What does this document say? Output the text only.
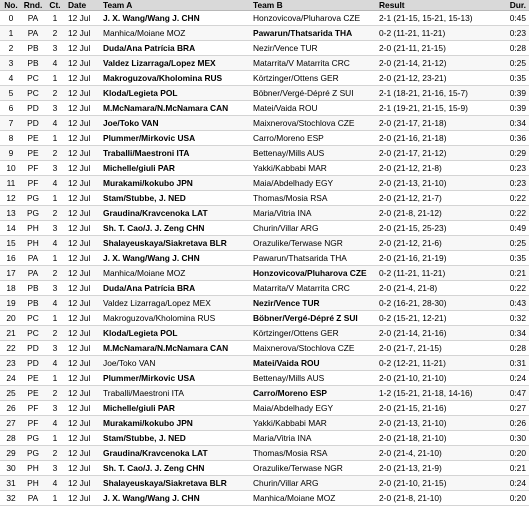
No.	Rnd.	Ct.	Date	Team A	Team B	Result	Dur.
0	PA	1	12 Jul	J. X. Wang/Wang J. CHN	Honzovicova/Pluharova CZE	2-1 (21-15, 15-21, 15-13)	0:45
1	PA	2	12 Jul	Manhica/Moiane MOZ	Pawarun/Thatsarida THA	0-2 (11-21, 11-21)	0:23
2	PB	3	12 Jul	Duda/Ana Patrícia BRA	Nezir/Vence TUR	2-0 (21-11, 21-15)	0:28
3	PB	4	12 Jul	Valdez Lizarraga/Lopez MEX	Matarrita/V Matarrita CRC	2-0 (21-14, 21-12)	0:25
4	PC	1	12 Jul	Makroguzova/Kholomina RUS	Körtzinger/Ottens GER	2-0 (21-12, 23-21)	0:35
5	PC	2	12 Jul	Kloda/Legieta POL	Böbner/Vergé-Dépré Z SUI	2-1 (18-21, 21-16, 15-7)	0:39
6	PD	3	12 Jul	M.McNamara/N.McNamara CAN	Matei/Vaida ROU	2-1 (19-21, 21-15, 15-9)	0:39
7	PD	4	12 Jul	Joe/Toko VAN	Maixnerova/Stochlova CZE	2-0 (21-17, 21-18)	0:34
8	PE	1	12 Jul	Plummer/Mirkovic USA	Carro/Moreno ESP	2-0 (21-16, 21-18)	0:36
9	PE	2	12 Jul	Traballi/Maestroni ITA	Bettenay/Mills AUS	2-0 (21-17, 21-12)	0:29
10	PF	3	12 Jul	Michelle/giuli PAR	Yakki/Kabbabi MAR	2-0 (21-12, 21-8)	0:23
11	PF	4	12 Jul	Murakami/kokubo JPN	Maia/Abdelhady EGY	2-0 (21-13, 21-10)	0:23
12	PG	1	12 Jul	Stam/Stubbe, J. NED	Thomas/Mosia RSA	2-0 (21-12, 21-7)	0:22
13	PG	2	12 Jul	Graudina/Kravcenoka LAT	Maria/Vitria INA	2-0 (21-8, 21-12)	0:22
14	PH	3	12 Jul	Sh. T. Cao/J. J. Zeng CHN	Churin/Villar ARG	2-0 (21-15, 25-23)	0:49
15	PH	4	12 Jul	Shalayeuskaya/Siakretava BLR	Orazulike/Terwase NGR	2-0 (21-12, 21-6)	0:25
16	PA	1	12 Jul	J. X. Wang/Wang J. CHN	Pawarun/Thatsarida THA	2-0 (21-16, 21-19)	0:35
17	PA	2	12 Jul	Manhica/Moiane MOZ	Honzovicova/Pluharova CZE	0-2 (11-21, 11-21)	0:21
18	PB	3	12 Jul	Duda/Ana Patrícia BRA	Matarrita/V Matarrita CRC	2-0 (21-4, 21-8)	0:22
19	PB	4	12 Jul	Valdez Lizarraga/Lopez MEX	Nezir/Vence TUR	0-2 (16-21, 28-30)	0:43
20	PC	1	12 Jul	Makroguzova/Kholomina RUS	Böbner/Vergé-Dépré Z SUI	0-2 (15-21, 12-21)	0:32
21	PC	2	12 Jul	Kloda/Legieta POL	Körtzinger/Ottens GER	2-0 (21-14, 21-16)	0:34
22	PD	3	12 Jul	M.McNamara/N.McNamara CAN	Maixnerova/Stochlova CZE	2-0 (21-7, 21-15)	0:28
23	PD	4	12 Jul	Joe/Toko VAN	Matei/Vaida ROU	0-2 (12-21, 11-21)	0:31
24	PE	1	12 Jul	Plummer/Mirkovic USA	Bettenay/Mills AUS	2-0 (21-10, 21-10)	0:24
25	PE	2	12 Jul	Traballi/Maestroni ITA	Carro/Moreno ESP	1-2 (15-21, 21-18, 14-16)	0:47
26	PF	3	12 Jul	Michelle/giuli PAR	Maia/Abdelhady EGY	2-0 (21-15, 21-16)	0:27
27	PF	4	12 Jul	Murakami/kokubo JPN	Yakki/Kabbabi MAR	2-0 (21-13, 21-10)	0:26
28	PG	1	12 Jul	Stam/Stubbe, J. NED	Maria/Vitria INA	2-0 (21-18, 21-10)	0:30
29	PG	2	12 Jul	Graudina/Kravcenoka LAT	Thomas/Mosia RSA	2-0 (21-4, 21-10)	0:20
30	PH	3	12 Jul	Sh. T. Cao/J. J. Zeng CHN	Orazulike/Terwase NGR	2-0 (21-13, 21-9)	0:21
31	PH	4	12 Jul	Shalayeuskaya/Siakretava BLR	Churin/Villar ARG	2-0 (21-10, 21-15)	0:24
32	PA	1	12 Jul	J. X. Wang/Wang J. CHN	Manhica/Moiane MOZ	2-0 (21-8, 21-10)	0:20
